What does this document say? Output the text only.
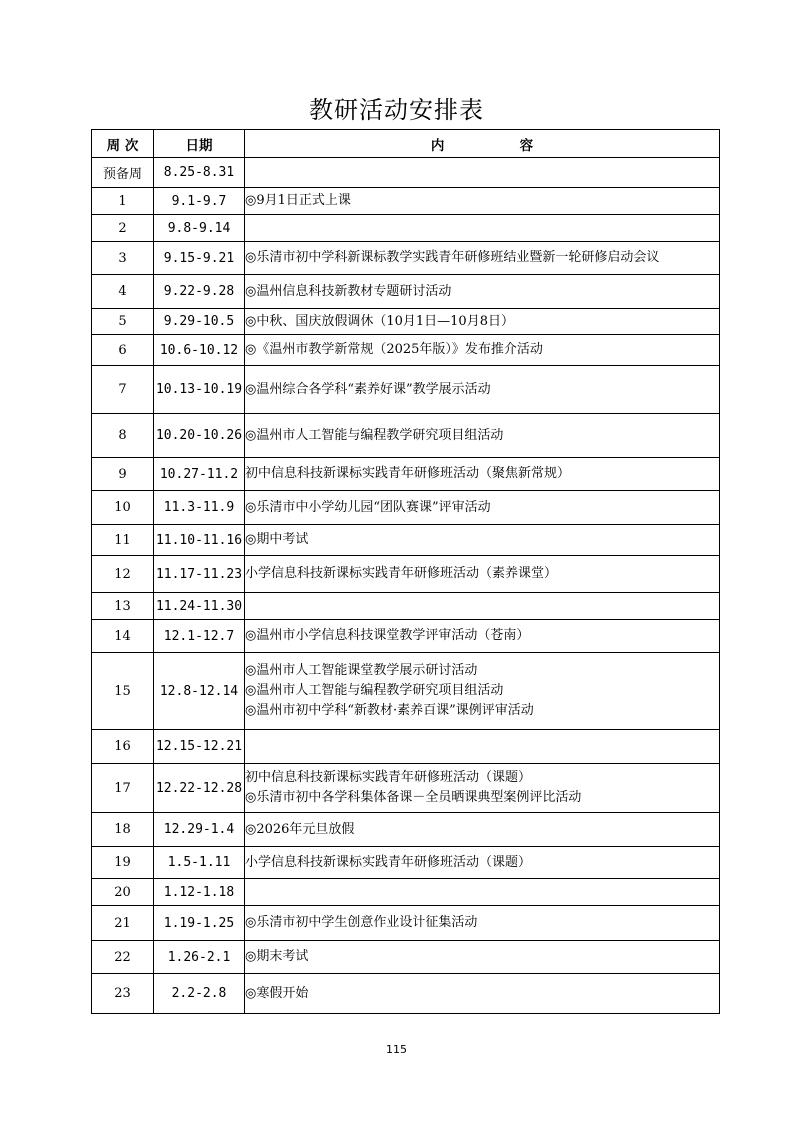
教研活动安排表
周 次	日期	内                容
预备周	8.25-8.31	
1	9.1-9.7	◎9月1日正式上课

2	9.8-9.14	
3	9.15-9.21	◎乐清市初中学科新课标教学实践青年研修班结业暨新一轮研修启动会议

4	9.22-9.28	◎温州信息科技新教材专题研讨活动

5	9.29-10.5	◎中秋、国庆放假调休（10月1日—10月8日）

6	10.6-10.12	◎《温州市教学新常规（2025年版）》发布推介活动

7	10.13-10.19	◎温州综合各学科“素养好课”教学展示活动

8	10.20-10.26	◎温州市人工智能与编程教学研究项目组活动

9	10.27-11.2	初中信息科技新课标实践青年研修班活动（聚焦新常规）

10	11.3-11.9	◎乐清市中小学幼儿园“团队赛课”评审活动

11	11.10-11.16	◎期中考试

12	11.17-11.23	小学信息科技新课标实践青年研修班活动（素养课堂）

13	11.24-11.30	
14	12.1-12.7	◎温州市小学信息科技课堂教学评审活动（苍南）

15	12.8-12.14	◎温州市人工智能课堂教学展示研讨活动
◎温州市人工智能与编程教学研究项目组活动
◎温州市初中学科“新教材·素养百课”课例评审活动

16	12.15-12.21	
17	12.22-12.28	初中信息科技新课标实践青年研修班活动（课题）
◎乐清市初中各学科集体备课－全员晒课典型案例评比活动

18	12.29-1.4	◎2026年元旦放假

19	1.5-1.11	小学信息科技新课标实践青年研修班活动（课题）

20	1.12-1.18	
21	1.19-1.25	◎乐清市初中学生创意作业设计征集活动

22	1.26-2.1	◎期末考试

23	2.2-2.8	◎寒假开始
115
